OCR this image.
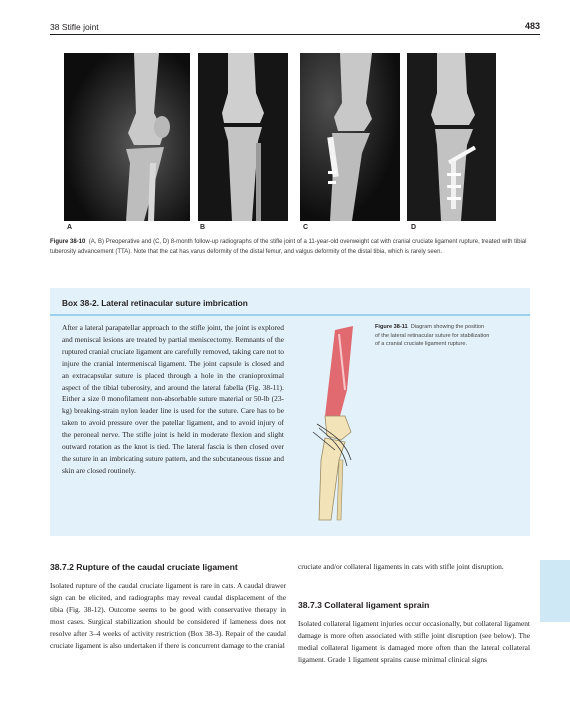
38 Stifle joint	483
A	B	C	D
Figure 38-10 (A, B) Preoperative and (C, D) 8-month follow-up radiographs of the stifle joint of a 11-year-old overweight cat with cranial cruciate ligament rupture, treated with tibial tuberosity advancement (TTA). Note that the cat has varus deformity of the distal femur, and valgus deformity of the distal tibia, which is rarely seen.
Box 38-2. Lateral retinacular suture imbrication
After a lateral parapatellar approach to the stifle joint, the joint is explored and meniscal lesions are treated by partial meniscectomy. Remnants of the ruptured cranial cruciate ligament are carefully removed, taking care not to injure the cranial intermeniscal ligament. The joint capsule is closed and an extracapsular suture is placed through a hole in the cranioproximal aspect of the tibial tuberosity, and around the lateral fabella (Fig. 38-11). Either a size 0 monofilament non-absorbable suture material or 50-lb (23-kg) breaking-strain nylon leader line is used for the suture. Care has to be taken to avoid pressure over the patellar ligament, and to avoid injury of the peroneal nerve. The stifle joint is held in moderate flexion and slight outward rotation as the knot is tied. The lateral fascia is then closed over the suture in an imbricating suture pattern, and the subcutaneous tissue and skin are closed routinely.
Figure 38-11 Diagram showing the position of the lateral retinacular suture for stabilization of a cranial cruciate ligament rupture.
38.7.2 Rupture of the caudal cruciate ligament
Isolated rupture of the caudal cruciate ligament is rare in cats. A caudal drawer sign can be elicited, and radiographs may reveal caudal displacement of the tibia (Fig. 38-12). Outcome seems to be good with conservative therapy in most cases. Surgical stabilization should be considered if lameness does not resolve after 3–4 weeks of activity restriction (Box 38-3). Repair of the caudal cruciate ligament is also undertaken if there is concurrent damage to the cranial
cruciate and/or collateral ligaments in cats with stifle joint disruption.
38.7.3 Collateral ligament sprain
Isolated collateral ligament injuries occur occasionally, but collateral ligament damage is more often associated with stifle joint disruption (see below). The medial collateral ligament is damaged more often than the lateral collateral ligament. Grade 1 ligament sprains cause minimal clinical signs
